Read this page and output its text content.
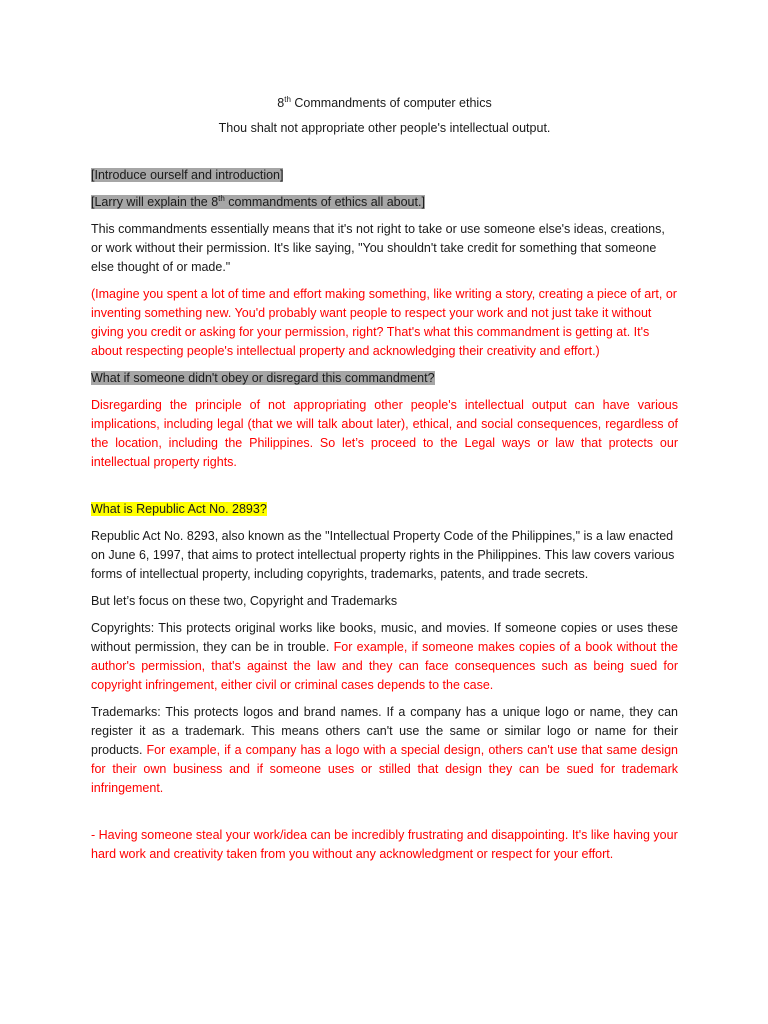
8th Commandments of computer ethics

Thou shalt not appropriate other people's intellectual output.

[Introduce ourself and introduction]

[Larry will explain the 8th commandments of ethics all about.]

This commandments essentially means that it's not right to take or use someone else's ideas, creations, or work without their permission. It's like saying, "You shouldn't take credit for something that someone else thought of or made."

(Imagine you spent a lot of time and effort making something, like writing a story, creating a piece of art, or inventing something new. You'd probably want people to respect your work and not just take it without giving you credit or asking for your permission, right? That's what this commandment is getting at. It's about respecting people's intellectual property and acknowledging their creativity and effort.)

What if someone didn't obey or disregard this commandment?

Disregarding the principle of not appropriating other people's intellectual output can have various implications, including legal (that we will talk about later), ethical, and social consequences, regardless of the location, including the Philippines. So let’s proceed to the Legal ways or law that protects our intellectual property rights.

What is Republic Act No. 2893?

Republic Act No. 8293, also known as the "Intellectual Property Code of the Philippines," is a law enacted on June 6, 1997, that aims to protect intellectual property rights in the Philippines. This law covers various forms of intellectual property, including copyrights, trademarks, patents, and trade secrets.

But let’s focus on these two, Copyright and Trademarks

Copyrights: This protects original works like books, music, and movies. If someone copies or uses these without permission, they can be in trouble. For example, if someone makes copies of a book without the author's permission, that's against the law and they can face consequences such as being sued for copyright infringement, either civil or criminal cases depends to the case.

Trademarks: This protects logos and brand names. If a company has a unique logo or name, they can register it as a trademark. This means others can't use the same or similar logo or name for their products. For example, if a company has a logo with a special design, others can't use that same design for their own business and if someone uses or stilled that design they can be sued for trademark infringement.

- Having someone steal your work/idea can be incredibly frustrating and disappointing. It's like having your hard work and creativity taken from you without any acknowledgment or respect for your effort.
